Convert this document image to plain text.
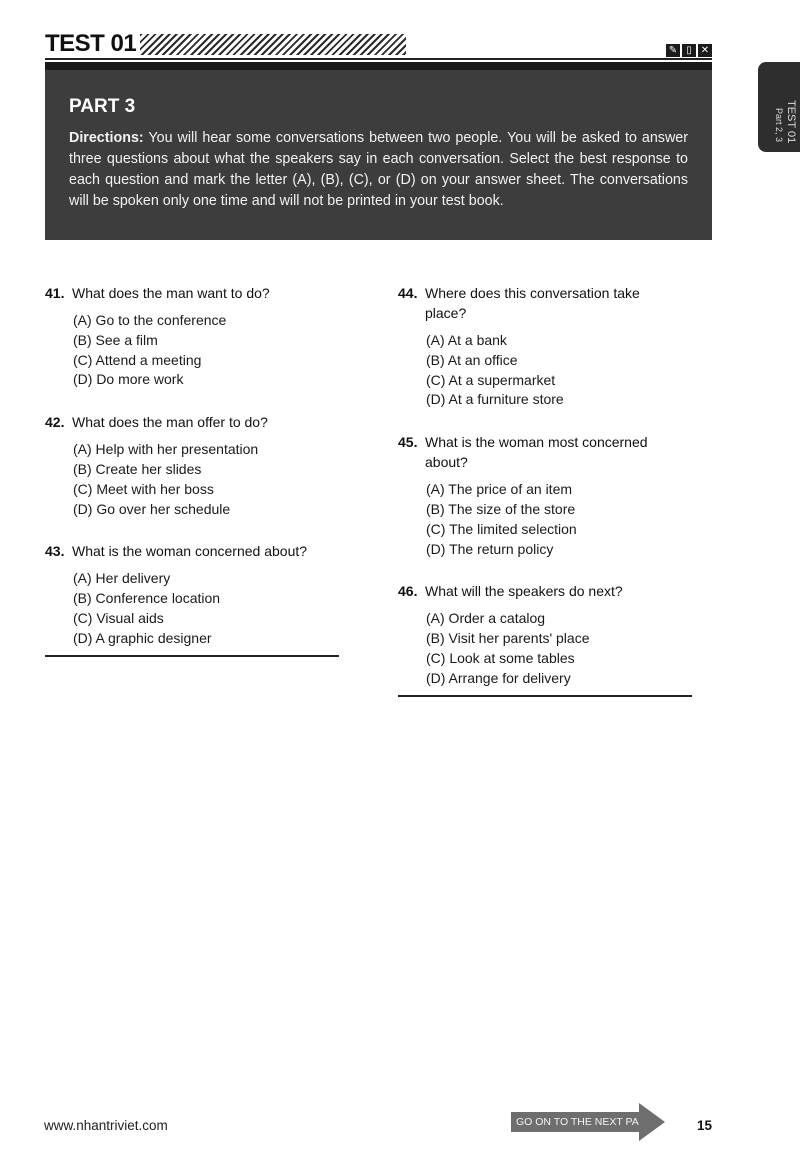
TEST 01	✎ ▯ ✕
PART 3
Directions: You will hear some conversations between two people. You will be asked to answer three questions about what the speakers say in each conversation. Select the best response to each question and mark the letter (A), (B), (C), or (D) on your answer sheet. The conversations will be spoken only one time and will not be printed in your test book.
TEST 01
Part 2, 3
41. What does the man want to do?
(A) Go to the conference
(B) See a film
(C) Attend a meeting
(D) Do more work
42. What does the man offer to do?
(A) Help with her presentation
(B) Create her slides
(C) Meet with her boss
(D) Go over her schedule
43. What is the woman concerned about?
(A) Her delivery
(B) Conference location
(C) Visual aids
(D) A graphic designer
44. Where does this conversation take place?
(A) At a bank
(B) At an office
(C) At a supermarket
(D) At a furniture store
45. What is the woman most concerned about?
(A) The price of an item
(B) The size of the store
(C) The limited selection
(D) The return policy
46. What will the speakers do next?
(A) Order a catalog
(B) Visit her parents' place
(C) Look at some tables
(D) Arrange for delivery
www.nhantriviet.com	GO ON TO THE NEXT PAGE	15
